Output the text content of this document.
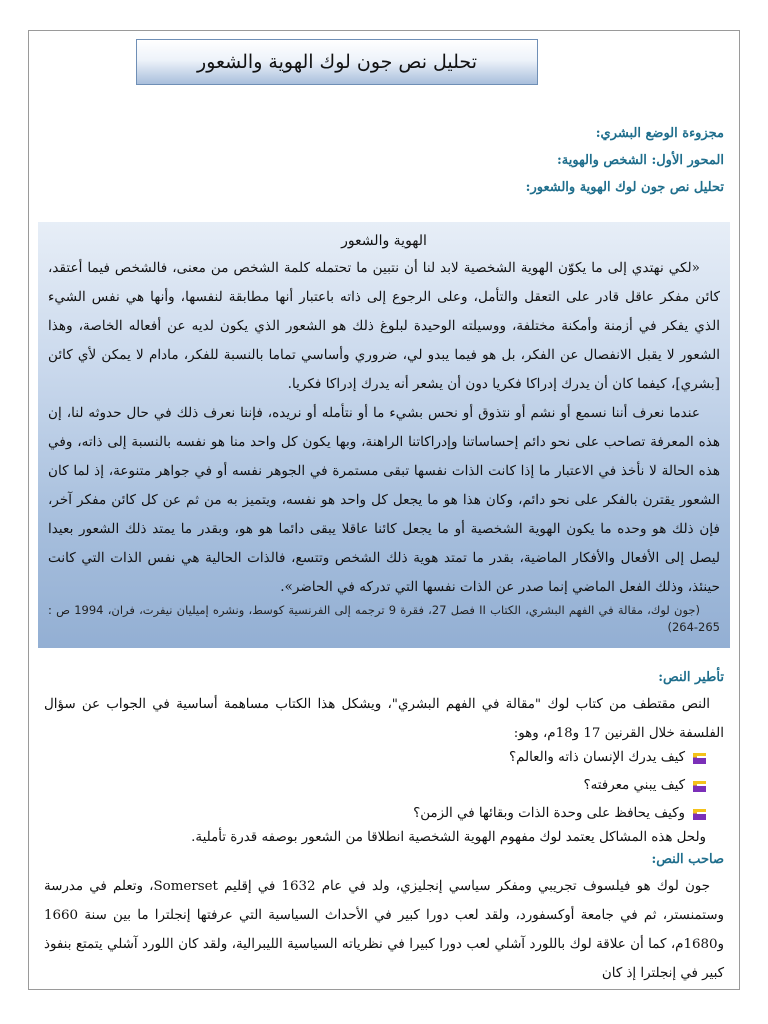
تحليل نص جون لوك الهوية والشعور
مجزوءة الوضع البشري:
المحور الأول: الشخص والهوية:
تحليل نص جون لوك الهوية والشعور:
الهوية والشعور

«لكي نهتدي إلى ما يكوّن الهوية الشخصية لابد لنا أن نتبين ما تحتمله كلمة الشخص من معنى، فالشخص فيما أعتقد، كائن مفكر عاقل قادر على التعقل والتأمل، وعلى الرجوع إلى ذاته باعتبار أنها مطابقة لنفسها، وأنها هي نفس الشيء الذي يفكر في أزمنة وأمكنة مختلفة، ووسيلته الوحيدة لبلوغ ذلك هو الشعور الذي يكون لديه عن أفعاله الخاصة، وهذا الشعور لا يقبل الانفصال عن الفكر، بل هو فيما يبدو لي، ضروري وأساسي تماما بالنسبة للفكر، مادام لا يمكن لأي كائن [بشري]، كيفما كان أن يدرك إدراكا فكريا دون أن يشعر أنه يدرك إدراكا فكريا.

عندما نعرف أننا نسمع أو نشم أو نتذوق أو نحس بشيء ما أو نتأمله أو نريده، فإننا نعرف ذلك في حال حدوثه لنا، إن هذه المعرفة تصاحب على نحو دائم إحساساتنا وإدراكاتنا الراهنة، وبها يكون كل واحد منا هو نفسه بالنسبة إلى ذاته، وفي هذه الحالة لا نأخذ في الاعتبار ما إذا كانت الذات نفسها تبقى مستمرة في الجوهر نفسه أو في جواهر متنوعة، إذ لما كان الشعور يقترن بالفكر على نحو دائم، وكان هذا هو ما يجعل كل واحد هو نفسه، ويتميز به من ثم عن كل كائن مفكر آخر، فإن ذلك هو وحده ما يكون الهوية الشخصية أو ما يجعل كائنا عاقلا يبقى دائما هو هو، وبقدر ما يمتد ذلك الشعور بعيدا ليصل إلى الأفعال والأفكار الماضية، بقدر ما تمتد هوية ذلك الشخص وتتسع، فالذات الحالية هي نفس الذات التي كانت حينئذ، وذلك الفعل الماضي إنما صدر عن الذات نفسها التي تدركه في الحاضر».

(جون لوك، مقالة في الفهم البشري، الكتاب II فصل 27، فقرة 9 ترجمه إلى الفرنسية كوسط، ونشره إميليان نيفرت، فران، 1994 ص : 265-264)

تأطير النص:

النص مقتطف من كتاب لوك "مقالة في الفهم البشري"، ويشكل هذا الكتاب مساهمة أساسية في الجواب عن سؤال الفلسفة خلال القرنين 17 و18م، وهو:

كيف يدرك الإنسان ذاته والعالم؟
كيف يبني معرفته؟
وكيف يحافظ على وحدة الذات وبقائها في الزمن؟
ولحل هذه المشاكل يعتمد لوك مفهوم الهوية الشخصية انطلاقا من الشعور بوصفه قدرة تأملية.
صاحب النص:

جون لوك هو فيلسوف تجريبي ومفكر سياسي إنجليزي، ولد في عام 1632 في إقليم Somerset، وتعلم في مدرسة وستمنستر، ثم في جامعة أوكسفورد، ولقد لعب دورا كبير في الأحداث السياسية التي عرفتها إنجلترا ما بين سنة 1660 و1680م، كما أن علاقة لوك باللورد آشلي لعب دورا كبيرا في نظرياته السياسية الليبرالية، ولقد كان اللورد آشلي يتمتع بنفوذ كبير في إنجلترا إذ كان
